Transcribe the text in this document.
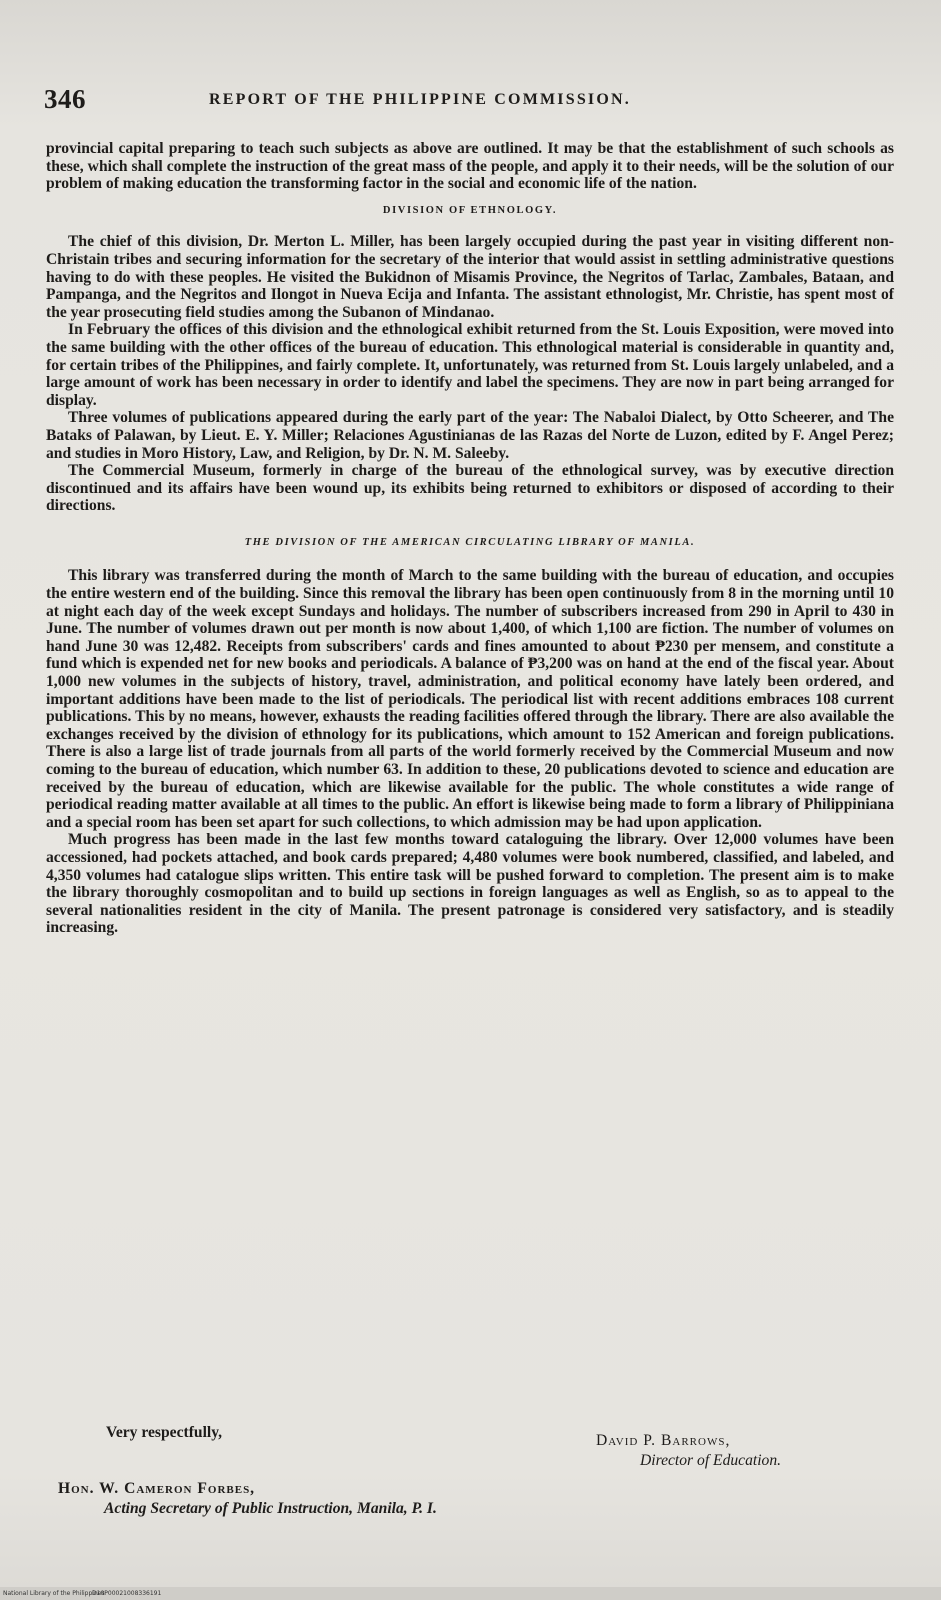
346	REPORT OF THE PHILIPPINE COMMISSION.

provincial capital preparing to teach such subjects as above are outlined. It may be that the establishment of such schools as these, which shall complete the instruction of the great mass of the people, and apply it to their needs, will be the solution of our problem of making education the transforming factor in the social and economic life of the nation.

DIVISION OF ETHNOLOGY.

The chief of this division, Dr. Merton L. Miller, has been largely occupied during the past year in visiting different non-Christain tribes and securing information for the secretary of the interior that would assist in settling administrative questions having to do with these peoples. He visited the Bukidnon of Misamis Province, the Negritos of Tarlac, Zambales, Bataan, and Pampanga, and the Negritos and Ilongot in Nueva Ecija and Infanta. The assistant ethnologist, Mr. Christie, has spent most of the year prosecuting field studies among the Subanon of Mindanao.

In February the offices of this division and the ethnological exhibit returned from the St. Louis Exposition, were moved into the same building with the other offices of the bureau of education. This ethnological material is considerable in quantity and, for certain tribes of the Philippines, and fairly complete. It, unfortunately, was returned from St. Louis largely unlabeled, and a large amount of work has been necessary in order to identify and label the specimens. They are now in part being arranged for display.

Three volumes of publications appeared during the early part of the year: The Nabaloi Dialect, by Otto Scheerer, and The Bataks of Palawan, by Lieut. E. Y. Miller; Relaciones Agustinianas de las Razas del Norte de Luzon, edited by F. Angel Perez; and studies in Moro History, Law, and Religion, by Dr. N. M. Saleeby.

The Commercial Museum, formerly in charge of the bureau of the ethnological survey, was by executive direction discontinued and its affairs have been wound up, its exhibits being returned to exhibitors or disposed of according to their directions.

THE DIVISION OF THE AMERICAN CIRCULATING LIBRARY OF MANILA.

This library was transferred during the month of March to the same building with the bureau of education, and occupies the entire western end of the building. Since this removal the library has been open continuously from 8 in the morning until 10 at night each day of the week except Sundays and holidays. The number of subscribers increased from 290 in April to 430 in June. The number of volumes drawn out per month is now about 1,400, of which 1,100 are fiction. The number of volumes on hand June 30 was 12,482. Receipts from subscribers' cards and fines amounted to about ₱230 per mensem, and constitute a fund which is expended net for new books and periodicals. A balance of ₱3,200 was on hand at the end of the fiscal year. About 1,000 new volumes in the subjects of history, travel, administration, and political economy have lately been ordered, and important additions have been made to the list of periodicals. The periodical list with recent additions embraces 108 current publications. This by no means, however, exhausts the reading facilities offered through the library. There are also available the exchanges received by the division of ethnology for its publications, which amount to 152 American and foreign publications. There is also a large list of trade journals from all parts of the world formerly received by the Commercial Museum and now coming to the bureau of education, which number 63. In addition to these, 20 publications devoted to science and education are received by the bureau of education, which are likewise available for the public. The whole constitutes a wide range of periodical reading matter available at all times to the public. An effort is likewise being made to form a library of Philippiniana and a special room has been set apart for such collections, to which admission may be had upon application.

Much progress has been made in the last few months toward cataloguing the library. Over 12,000 volumes have been accessioned, had pockets attached, and book cards prepared; 4,480 volumes were book numbered, classified, and labeled, and 4,350 volumes had catalogue slips written. This entire task will be pushed forward to completion. The present aim is to make the library thoroughly cosmopolitan and to build up sections in foreign languages as well as English, so as to appeal to the several nationalities resident in the city of Manila. The present patronage is considered very satisfactory, and is steadily increasing.

Very respectfully,	David P. Barrows,
Director of Education.
Hon. W. Cameron Forbes,
Acting Secretary of Public Instruction, Manila, P. I.
National Library of the Philippines
D10P00021008336191
